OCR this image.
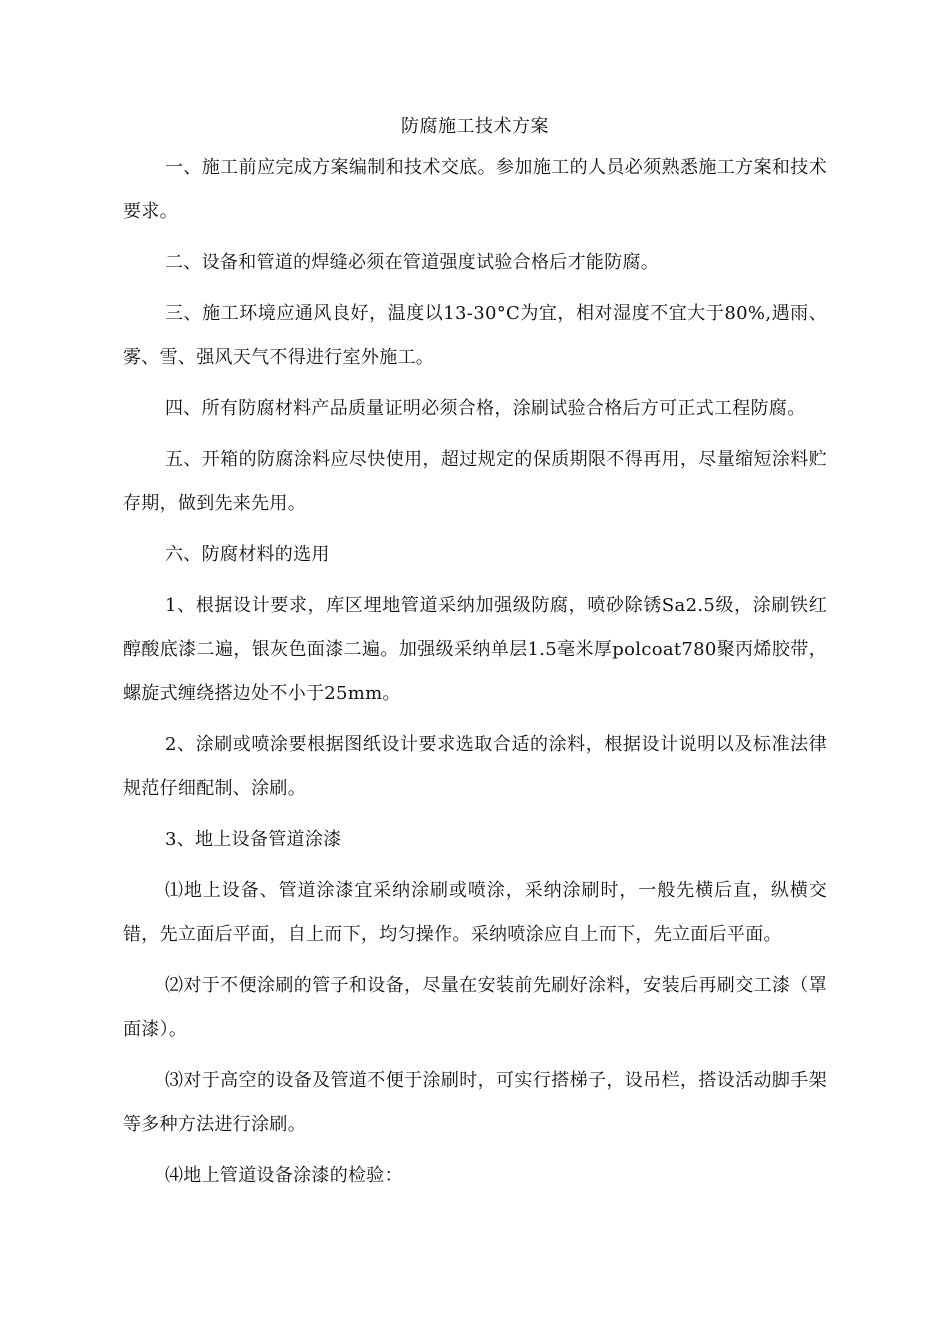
防腐施工技术方案

一、施工前应完成方案编制和技术交底。参加施工的人员必须熟悉施工方案和技术要求。

二、设备和管道的焊缝必须在管道强度试验合格后才能防腐。

三、施工环境应通风良好，温度以13-30°C为宜，相对湿度不宜大于80%,遇雨、雾、雪、强风天气不得进行室外施工。

四、所有防腐材料产品质量证明必须合格，涂刷试验合格后方可正式工程防腐。

五、开箱的防腐涂料应尽快使用，超过规定的保质期限不得再用，尽量缩短涂料贮存期，做到先来先用。

六、防腐材料的选用

1、根据设计要求，库区埋地管道采纳加强级防腐，喷砂除锈Sa2.5级，涂刷铁红醇酸底漆二遍，银灰色面漆二遍。加强级采纳单层1.5毫米厚polcoat780聚丙烯胶带，螺旋式缠绕搭边处不小于25mm。

2、涂刷或喷涂要根据图纸设计要求选取合适的涂料，根据设计说明以及标准法律规范仔细配制、涂刷。

3、地上设备管道涂漆

⑴地上设备、管道涂漆宜采纳涂刷或喷涂，采纳涂刷时，一般先横后直，纵横交错，先立面后平面，自上而下，均匀操作。采纳喷涂应自上而下，先立面后平面。

⑵对于不便涂刷的管子和设备，尽量在安装前先刷好涂料，安装后再刷交工漆（罩面漆）。

⑶对于高空的设备及管道不便于涂刷时，可实行搭梯子，设吊栏，搭设活动脚手架等多种方法进行涂刷。

⑷地上管道设备涂漆的检验：
